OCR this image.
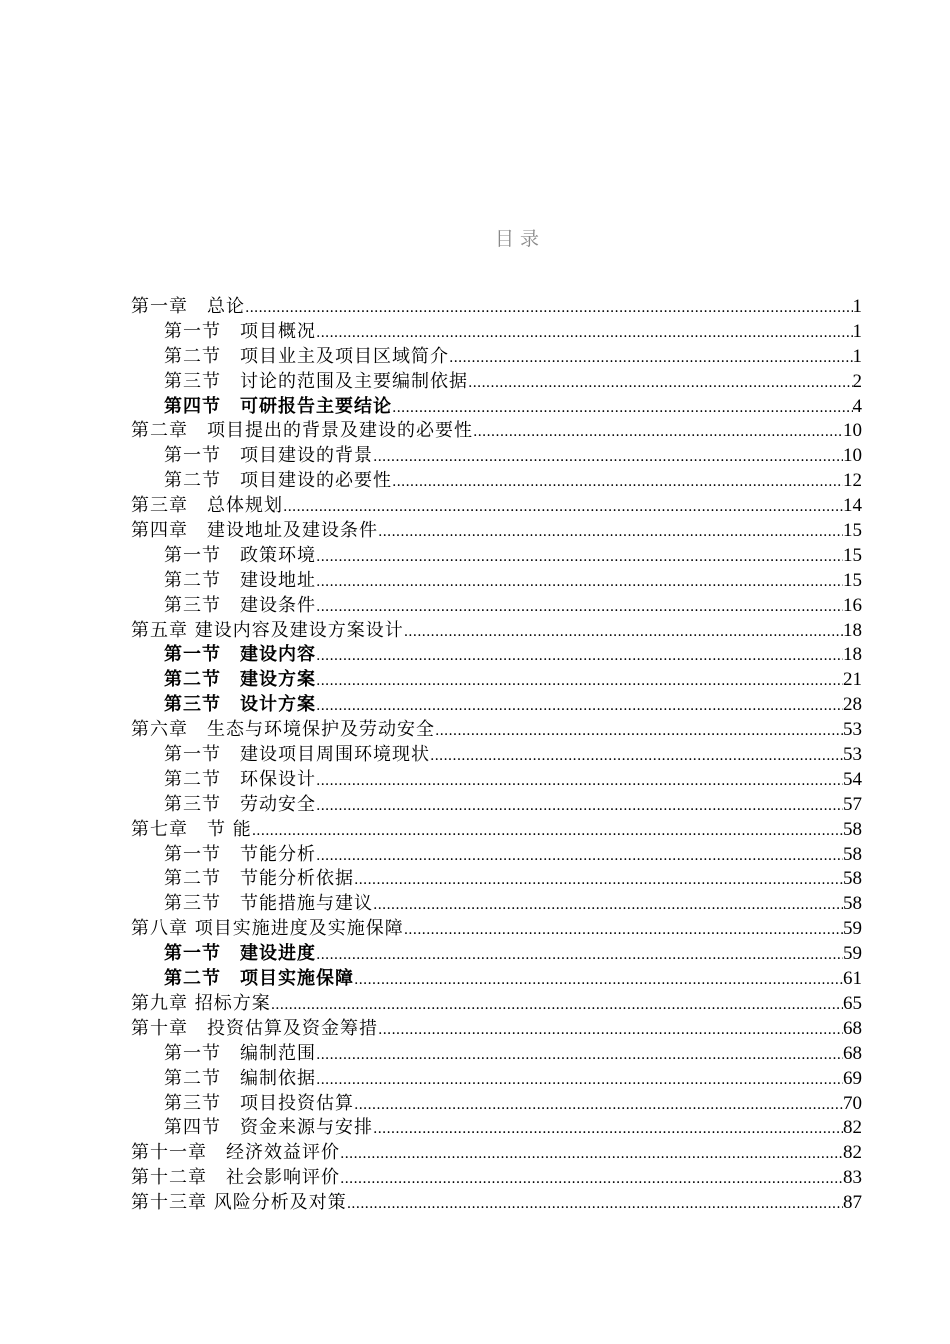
目录
第一章　总论 .....	1
第一节　项目概况 .....	1
第二节　项目业主及项目区域简介 .....	1
第三节　讨论的范围及主要编制依据 .....	2
第四节　可研报告主要结论 .....	4
第二章　项目提出的背景及建设的必要性 .....	10
第一节　项目建设的背景 .....	10
第二节　项目建设的必要性 .....	12
第三章　总体规划 .....	14
第四章　建设地址及建设条件 .....	15
第一节　政策环境 .....	15
第二节　建设地址 .....	15
第三节　建设条件 .....	16
第五章 建设内容及建设方案设计 .....	18
第一节　建设内容 .....	18
第二节　建设方案 .....	21
第三节　设计方案 .....	28
第六章　生态与环境保护及劳动安全 .....	53
第一节　建设项目周围环境现状 .....	53
第二节　环保设计 .....	54
第三节　劳动安全 .....	57
第七章　节 能 .....	58
第一节　节能分析 .....	58
第二节　节能分析依据 .....	58
第三节　节能措施与建议 .....	58
第八章 项目实施进度及实施保障 .....	59
第一节　建设进度 .....	59
第二节　项目实施保障 .....	61
第九章 招标方案 .....	65
第十章　投资估算及资金筹措 .....	68
第一节　编制范围 .....	68
第二节　编制依据 .....	69
第三节　项目投资估算 .....	70
第四节　资金来源与安排 .....	82
第十一章　经济效益评价 .....	82
第十二章　社会影响评价 .....	83
第十三章 风险分析及对策 .....	87
